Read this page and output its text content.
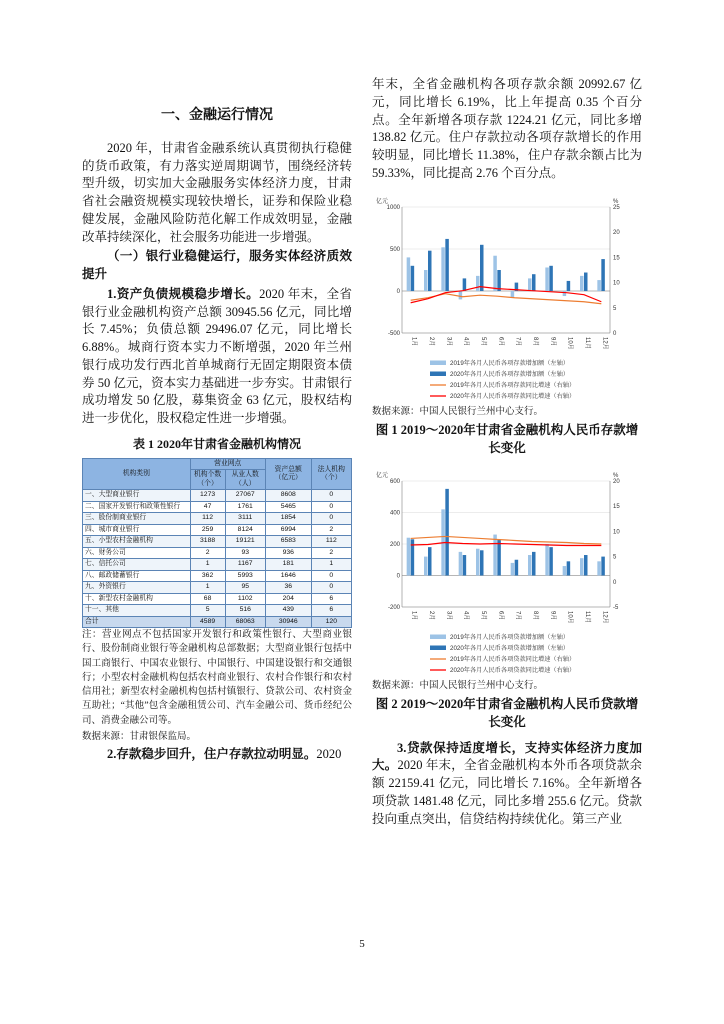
一、金融运行情况

2020 年，甘肃省金融系统认真贯彻执行稳健的货币政策，有力落实逆周期调节，围绕经济转型升级，切实加大金融服务实体经济力度，甘肃省社会融资规模实现较快增长，证券和保险业稳健发展，金融风险防范化解工作成效明显，金融改革持续深化，社会服务功能进一步增强。

（一）银行业稳健运行，服务实体经济质效提升

1.资产负债规模稳步增长。2020 年末，全省银行业金融机构资产总额 30945.56 亿元，同比增长 7.45%；负债总额 29496.07 亿元，同比增长 6.88%。城商行资本实力不断增强，2020 年兰州银行成功发行西北首单城商行无固定期限资本债券 50 亿元，资本实力基础进一步夯实。甘肃银行成功增发 50 亿股，募集资金 63 亿元，股权结构进一步优化，股权稳定性进一步增强。

表 1 2020年甘肃省金融机构情况
机构类别	营业网点		资产总额（亿元）	法人机构（个）
	机构个数（个）	从业人数（人）		
一、大型商业银行	1273	27067	8608	0
二、国家开发银行和政策性银行	47	1761	5465	0
三、股份制商业银行	112	3111	1854	0
四、城市商业银行	259	8124	6994	2
五、小型农村金融机构	3188	19121	6583	112
六、财务公司	2	93	936	2
七、信托公司	1	1167	181	1
八、邮政储蓄银行	362	5993	1646	0
九、外资银行	1	95	36	0
十、新型农村金融机构	68	1102	204	6
十一、其他	5	516	439	6
合计	4589	68063	30946	120

注：营业网点不包括国家开发银行和政策性银行、大型商业银行、股份制商业银行等金融机构总部数据；大型商业银行包括中国工商银行、中国农业银行、中国银行、中国建设银行和交通银行；小型农村金融机构包括农村商业银行、农村合作银行和农村信用社；新型农村金融机构包括村镇银行、贷款公司、农村资金互助社；“其他”包含金融租赁公司、汽车金融公司、货币经纪公司、消费金融公司等。

数据来源：甘肃银保监局。

2.存款稳步回升，住户存款拉动明显。2020

年末，全省金融机构各项存款余额 20992.67 亿元，同比增长 6.19%，比上年提高 0.35 个百分点。全年新增各项存款 1224.21 亿元，同比多增 138.82 亿元。住户存款拉动各项存款增长的作用较明显，同比增长 11.38%，住户存款余额占比为 59.33%，同比提高 2.76 个百分点。

-500
0
500
1000
0
5
10
15
20
25
亿元	%
1月	2月	3月	4月	5月	6月	7月	8月	9月	10月	11月	12月
2019年各月人民币各项存款增加额（左轴）
2020年各月人民币各项存款增加额（左轴）
2019年各月人民币各项存款同比增速（右轴）
2020年各月人民币各项存款同比增速（右轴）

数据来源：中国人民银行兰州中心支行。

图 1 2019～2020年甘肃省金融机构人民币存款增长变化
-200
0
200
400
600
-5
0
5
10
15
20
亿元	%
1月	2月	3月	4月	5月	6月	7月	8月	9月	10月	11月	12月
2019年各月人民币各项贷款增加额（左轴）
2020年各月人民币各项贷款增加额（左轴）
2019年各月人民币各项贷款同比增速（右轴）
2020年各月人民币各项贷款同比增速（右轴）

数据来源：中国人民银行兰州中心支行。

图 2 2019～2020年甘肃省金融机构人民币贷款增长变化

3.贷款保持适度增长，支持实体经济力度加大。2020 年末，全省金融机构本外币各项贷款余额 22159.41 亿元，同比增长 7.16%。全年新增各项贷款 1481.48 亿元，同比多增 255.6 亿元。贷款投向重点突出，信贷结构持续优化。第三产业

5
